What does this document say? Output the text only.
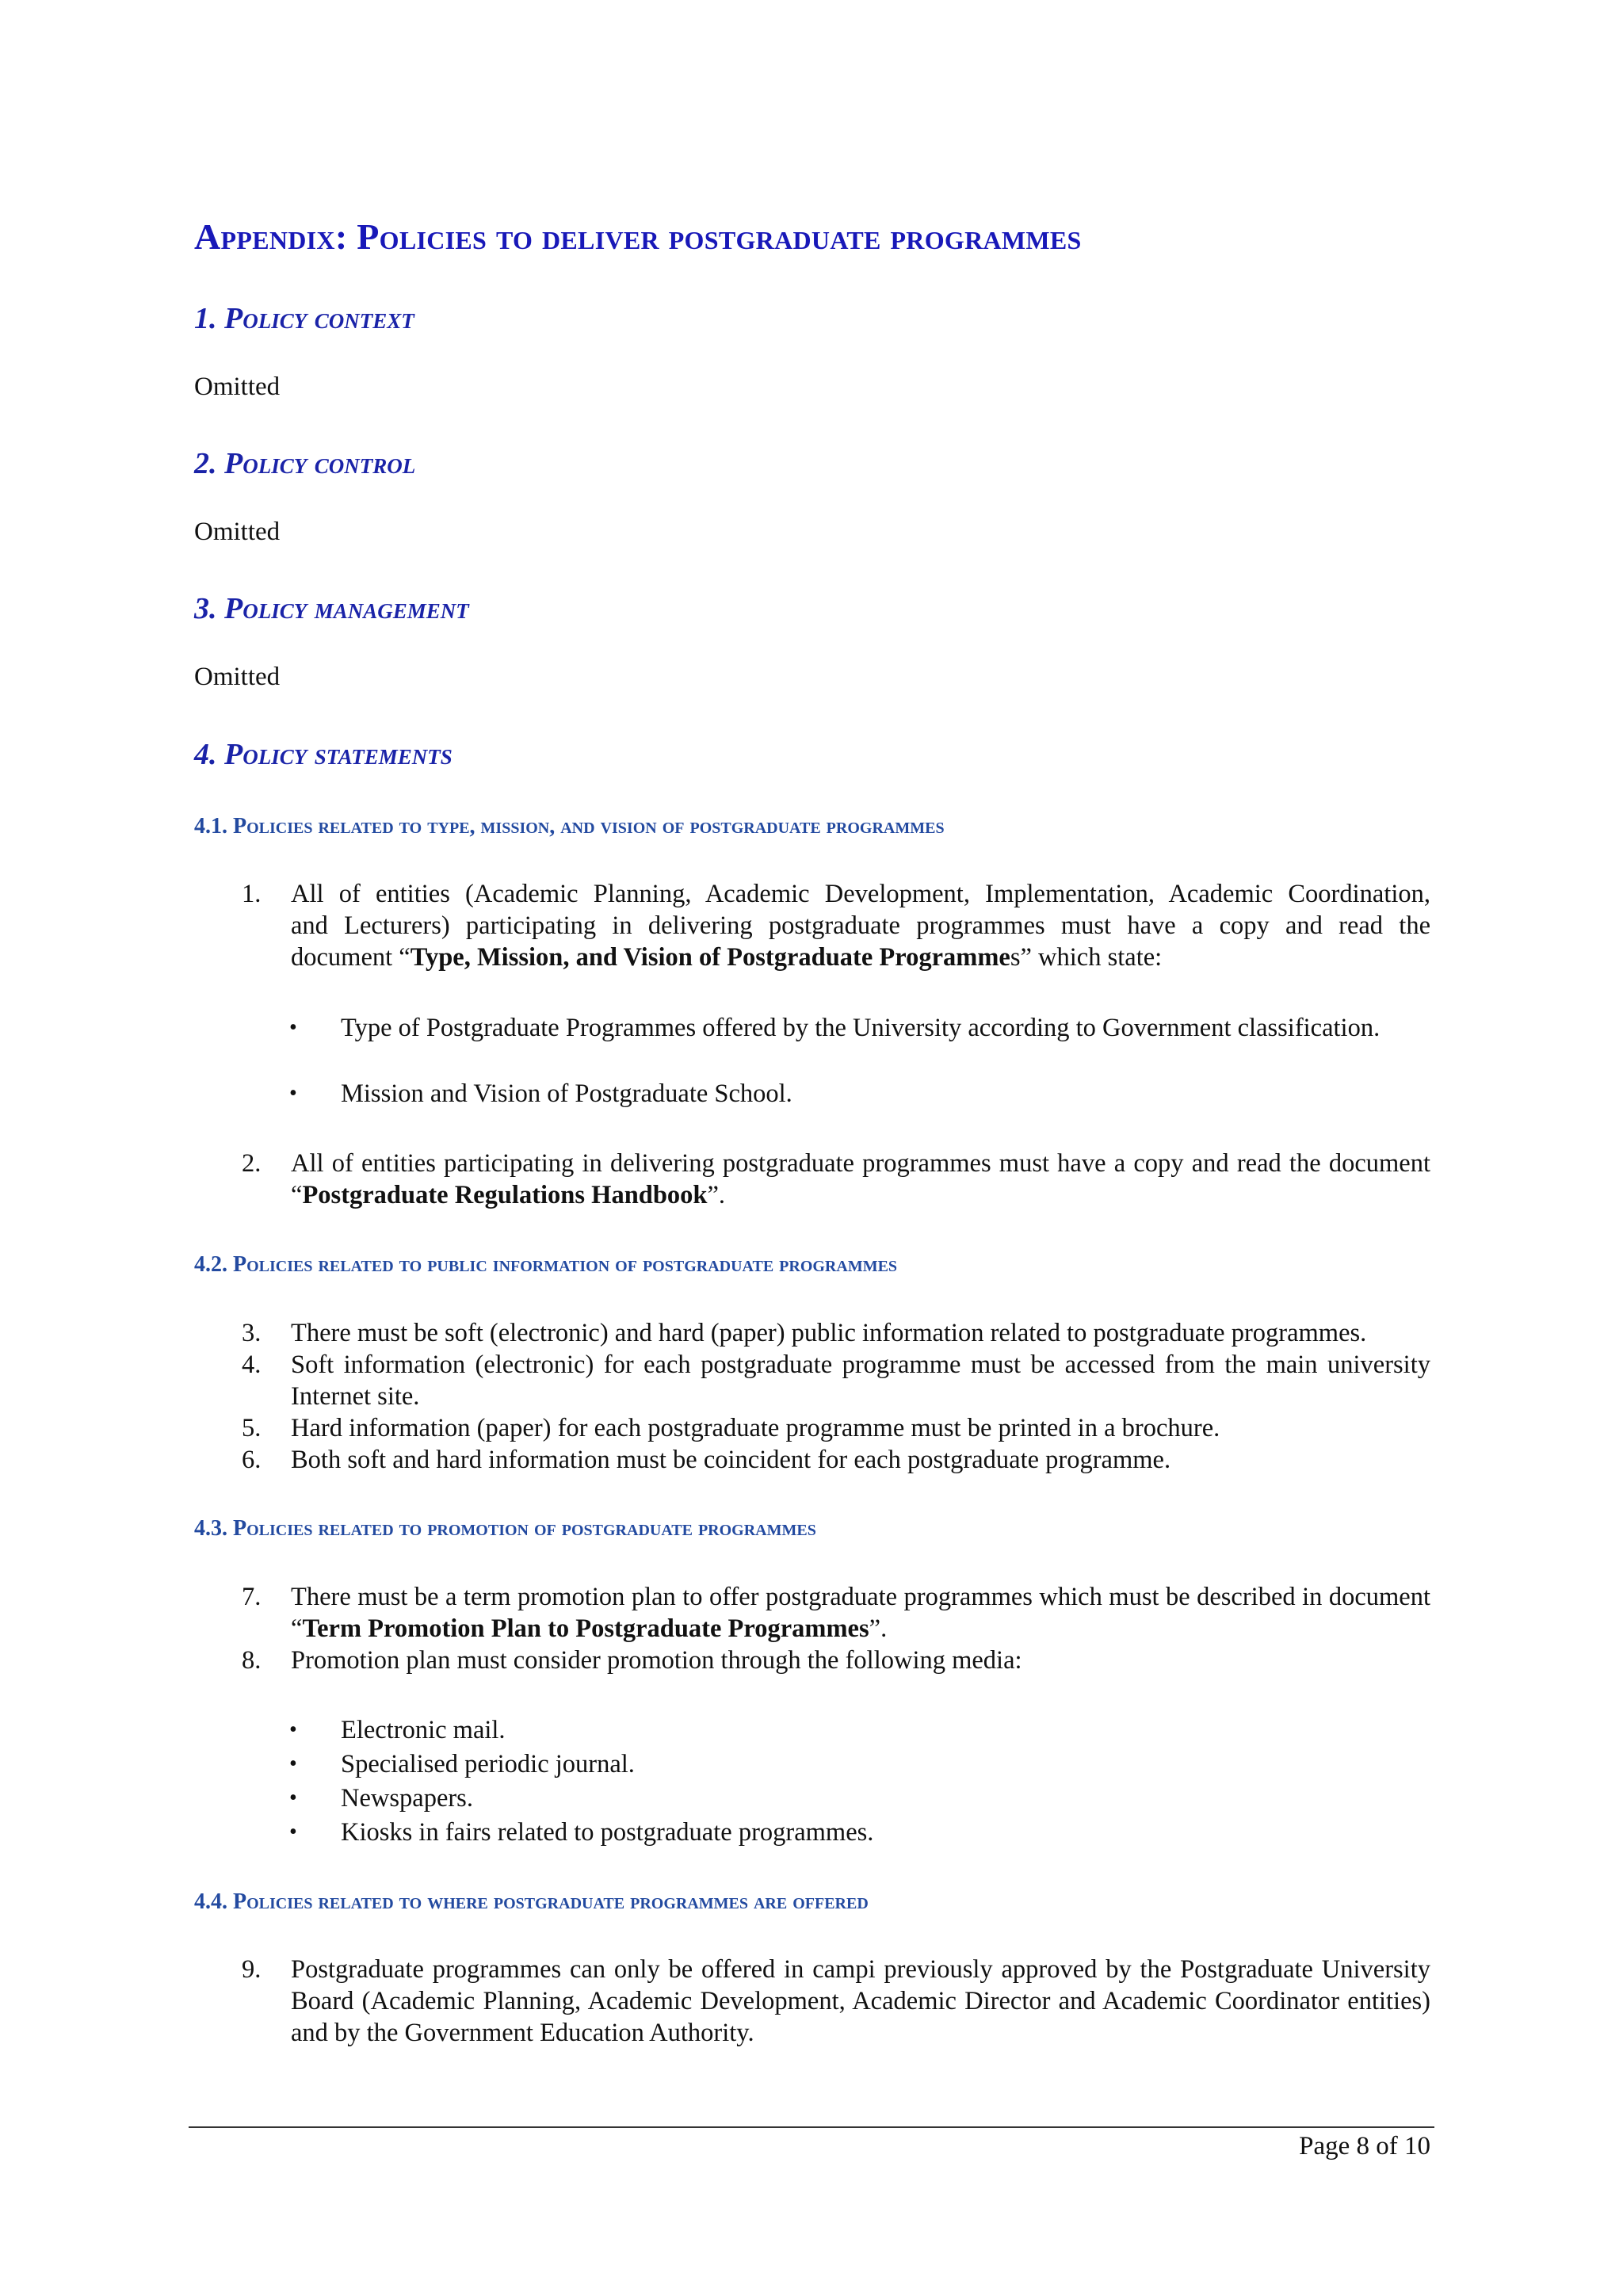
Appendix: Policies to deliver postgraduate programmes
1. Policy context
Omitted
2. Policy control
Omitted
3. Policy management
Omitted
4. Policy statements
4.1. Policies related to type, mission, and vision of postgraduate programmes
1.	All of entities (Academic Planning, Academic Development, Implementation, Academic Coordination,
and Lecturers) participating in delivering postgraduate programmes must have a copy and read the
document “Type, Mission, and Vision of Postgraduate Programmes” which state:
•	Type of Postgraduate Programmes offered by the University according to Government classification.
•	Mission and Vision of Postgraduate School.
2.	All of entities participating in delivering postgraduate programmes must have a copy and read the document “Postgraduate Regulations Handbook”.
4.2. Policies related to public information of postgraduate programmes
3.	There must be soft (electronic) and hard (paper) public information related to postgraduate programmes.
4.	Soft information (electronic) for each postgraduate programme must be accessed from the main university Internet site.
5.	Hard information (paper) for each postgraduate programme must be printed in a brochure.
6.	Both soft and hard information must be coincident for each postgraduate programme.
4.3. Policies related to promotion of postgraduate programmes
7.	There must be a term promotion plan to offer postgraduate programmes which must be described in document “Term Promotion Plan to Postgraduate Programmes”.
8.	Promotion plan must consider promotion through the following media:
•	Electronic mail.
•	Specialised periodic journal.
•	Newspapers.
•	Kiosks in fairs related to postgraduate programmes.
4.4. Policies related to where postgraduate programmes are offered
9.	Postgraduate programmes can only be offered in campi previously approved by the Postgraduate University Board (Academic Planning, Academic Development, Academic Director and Academic Coordinator entities) and by the Government Education Authority.
Page 8 of 10
